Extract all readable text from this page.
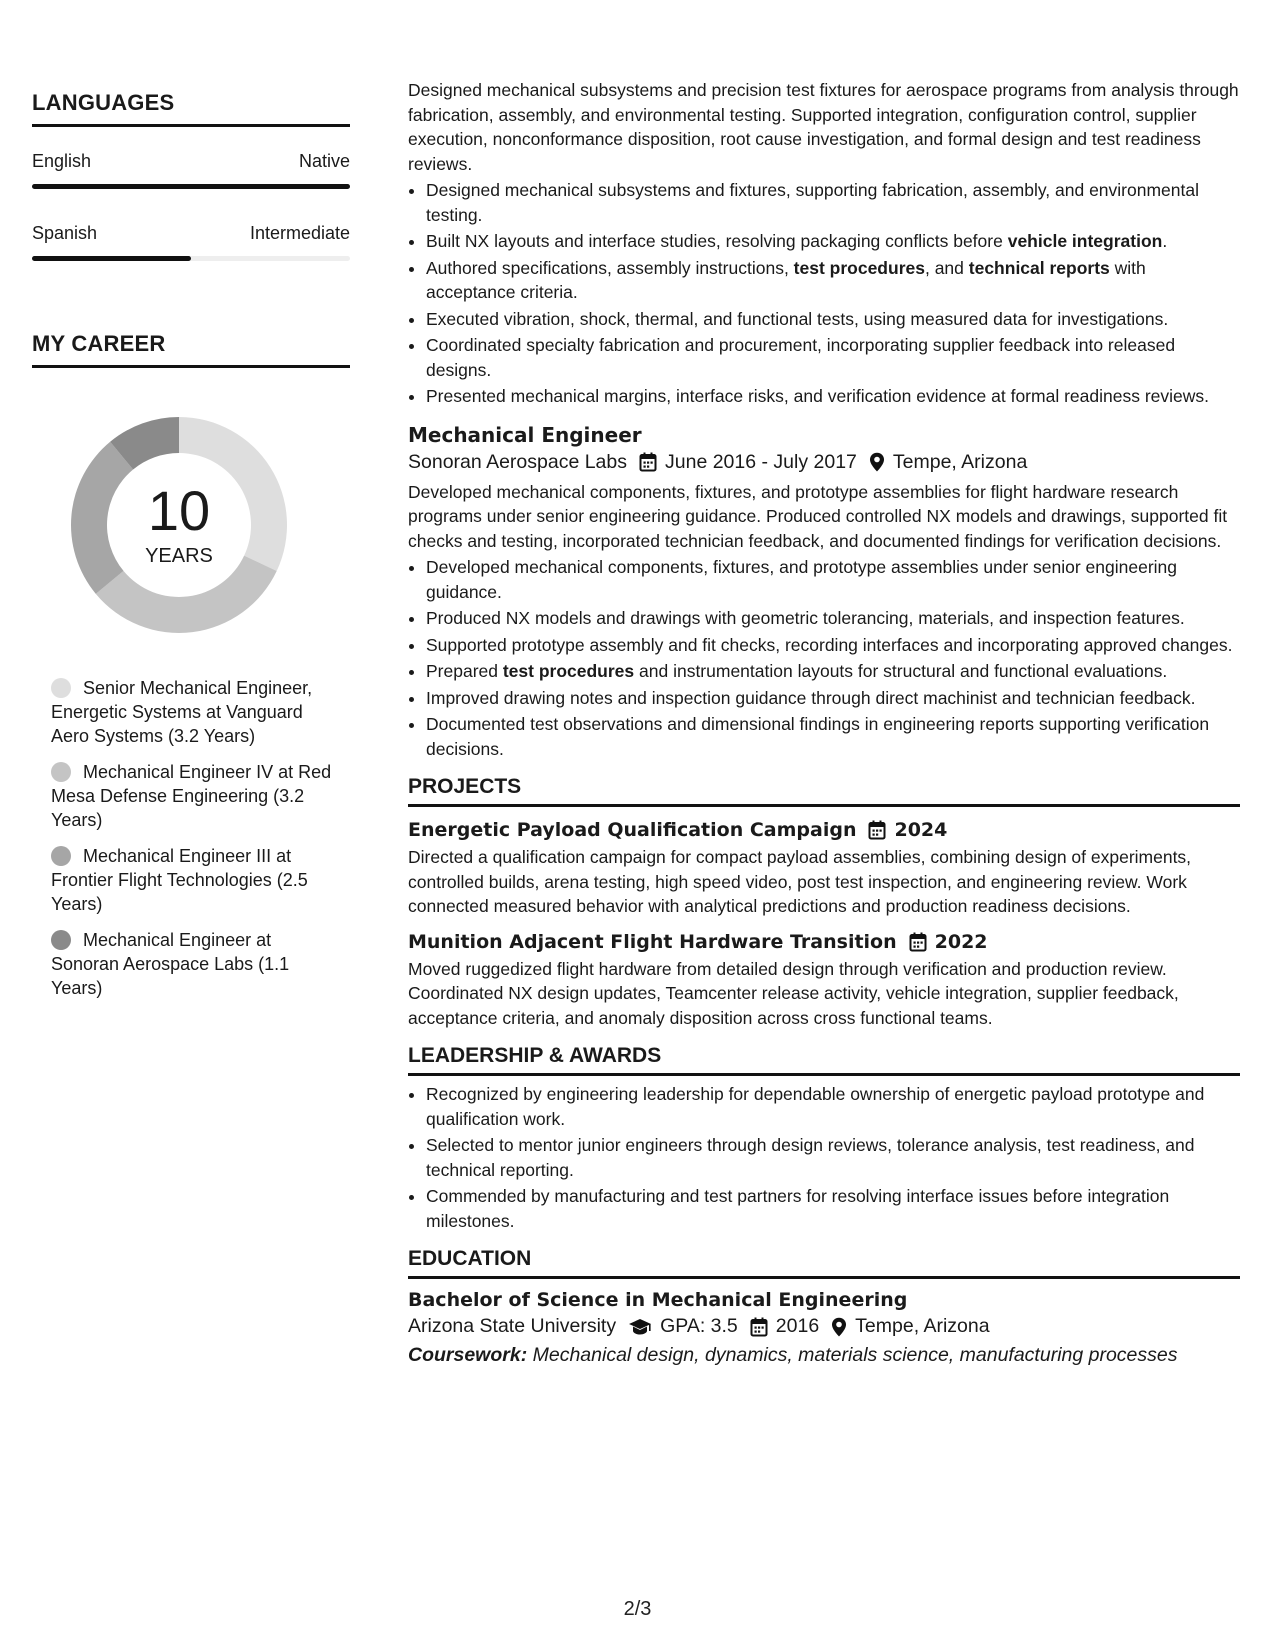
LANGUAGES
English	Native
Spanish	Intermediate
MY CAREER
10
YEARS
Senior Mechanical Engineer, Energetic Systems at Vanguard Aero Systems (3.2 Years)
Mechanical Engineer IV at Red Mesa Defense Engineering (3.2 Years)
Mechanical Engineer III at Frontier Flight Technologies (2.5 Years)
Mechanical Engineer at Sonoran Aerospace Labs (1.1 Years)

Designed mechanical subsystems and precision test fixtures for aerospace programs from analysis through fabrication, assembly, and environmental testing. Supported integration, configuration control, supplier execution, nonconformance disposition, root cause investigation, and formal design and test readiness reviews.

• Designed mechanical subsystems and fixtures, supporting fabrication, assembly, and environmental testing.
• Built NX layouts and interface studies, resolving packaging conflicts before vehicle integration.
• Authored specifications, assembly instructions, test procedures, and technical reports with acceptance criteria.
• Executed vibration, shock, thermal, and functional tests, using measured data for investigations.
• Coordinated specialty fabrication and procurement, incorporating supplier feedback into released designs.
• Presented mechanical margins, interface risks, and verification evidence at formal readiness reviews.
Mechanical Engineer
Sonoran Aerospace Labs June 2016 - July 2017 Tempe, Arizona

Developed mechanical components, fixtures, and prototype assemblies for flight hardware research programs under senior engineering guidance. Produced controlled NX models and drawings, supported fit checks and testing, incorporated technician feedback, and documented findings for verification decisions.

• Developed mechanical components, fixtures, and prototype assemblies under senior engineering guidance.
• Produced NX models and drawings with geometric tolerancing, materials, and inspection features.
• Supported prototype assembly and fit checks, recording interfaces and incorporating approved changes.
• Prepared test procedures and instrumentation layouts for structural and functional evaluations.
• Improved drawing notes and inspection guidance through direct machinist and technician feedback.
• Documented test observations and dimensional findings in engineering reports supporting verification decisions.
PROJECTS
Energetic Payload Qualification Campaign 2024

Directed a qualification campaign for compact payload assemblies, combining design of experiments, controlled builds, arena testing, high speed video, post test inspection, and engineering review. Work connected measured behavior with analytical predictions and production readiness decisions.

Munition Adjacent Flight Hardware Transition 2022

Moved ruggedized flight hardware from detailed design through verification and production review. Coordinated NX design updates, Teamcenter release activity, vehicle integration, supplier feedback, acceptance criteria, and anomaly disposition across cross functional teams.

LEADERSHIP & AWARDS
• Recognized by engineering leadership for dependable ownership of energetic payload prototype and qualification work.
• Selected to mentor junior engineers through design reviews, tolerance analysis, test readiness, and technical reporting.
• Commended by manufacturing and test partners for resolving interface issues before integration milestones.
EDUCATION
Bachelor of Science in Mechanical Engineering
Arizona State University GPA: 3.5 2016 Tempe, Arizona
Coursework: Mechanical design, dynamics, materials science, manufacturing processes
2/3
